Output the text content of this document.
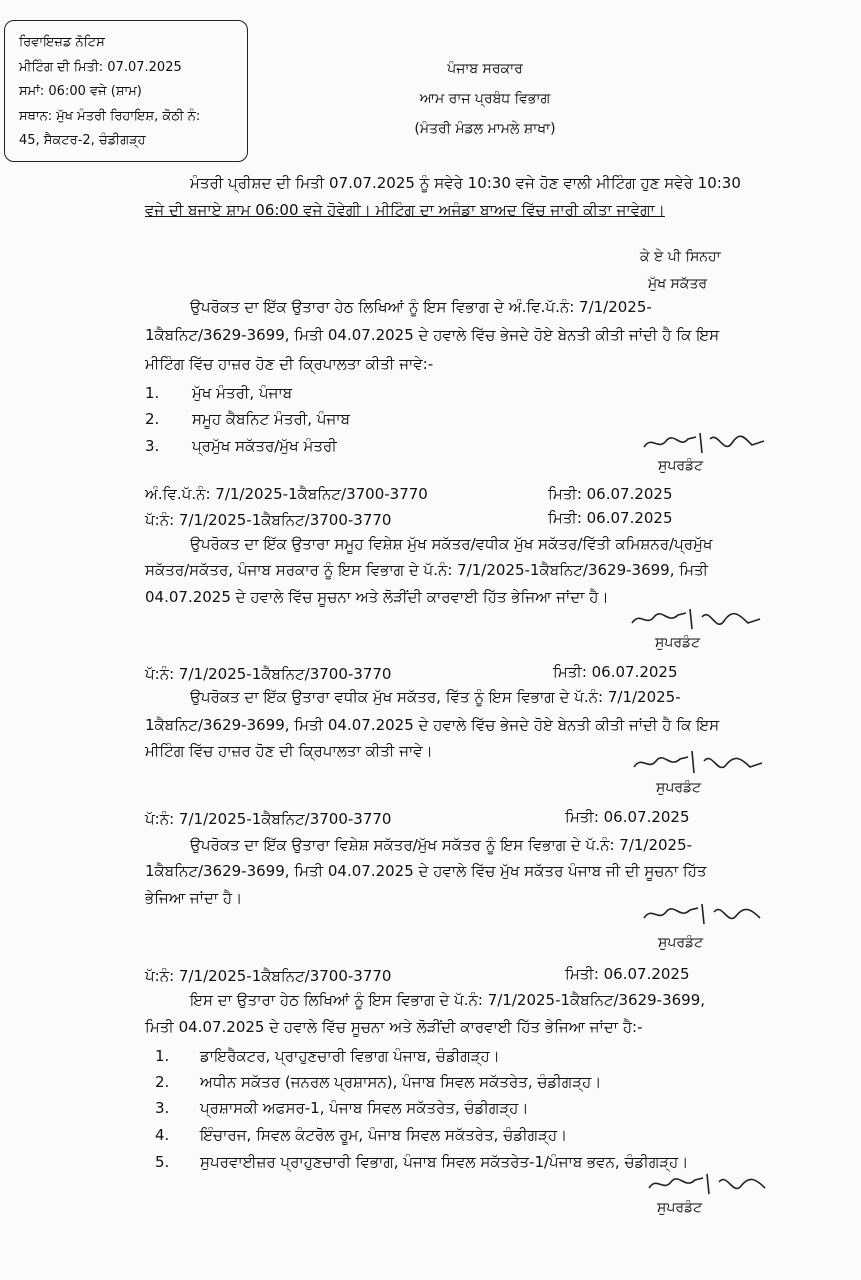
ਰਿਵਾਇਜ਼ਡ ਨੋਟਿਸ
ਮੀਟਿੰਗ ਦੀ ਮਿਤੀ: 07.07.2025
ਸਮਾਂ: 06:00 ਵਜੇ (ਸ਼ਾਮ)
ਸਥਾਨ: ਮੁੱਖ ਮੰਤਰੀ ਰਿਹਾਇਸ਼, ਕੋਠੀ ਨੰ:
45, ਸੈਕਟਰ-2, ਚੰਡੀਗੜ੍ਹ
ਪੰਜਾਬ ਸਰਕਾਰ
ਆਮ ਰਾਜ ਪ੍ਰਬੰਧ ਵਿਭਾਗ
(ਮੰਤਰੀ ਮੰਡਲ ਮਾਮਲੇ ਸ਼ਾਖਾ)
ਮੰਤਰੀ ਪ੍ਰੀਸ਼ਦ ਦੀ ਮਿਤੀ 07.07.2025 ਨੂੰ ਸਵੇਰੇ 10:30 ਵਜੇ ਹੋਣ ਵਾਲੀ ਮੀਟਿੰਗ ਹੁਣ ਸਵੇਰੇ 10:30
ਵਜੇ ਦੀ ਬਜਾਏ ਸ਼ਾਮ 06:00 ਵਜੇ ਹੋਵੇਗੀ। ਮੀਟਿੰਗ ਦਾ ਅਜੰਡਾ ਬਾਅਦ ਵਿੱਚ ਜਾਰੀ ਕੀਤਾ ਜਾਵੇਗਾ।
ਕੇ ਏ ਪੀ ਸਿਨਹਾ
ਮੁੱਖ ਸਕੱਤਰ
ਉਪਰੋਕਤ ਦਾ ਇੱਕ ਉਤਾਰਾ ਹੇਠ ਲਿਖਿਆਂ ਨੂੰ ਇਸ ਵਿਭਾਗ ਦੇ ਅੰ.ਵਿ.ਪੱ.ਨੰ: 7/1/2025-
1ਕੈਬਨਿਟ/3629-3699, ਮਿਤੀ 04.07.2025 ਦੇ ਹਵਾਲੇ ਵਿੱਚ ਭੇਜਦੇ ਹੋਏ ਬੇਨਤੀ ਕੀਤੀ ਜਾਂਦੀ ਹੈ ਕਿ ਇਸ
ਮੀਟਿੰਗ ਵਿੱਚ ਹਾਜ਼ਰ ਹੋਣ ਦੀ ਕ੍ਰਿਪਾਲਤਾ ਕੀਤੀ ਜਾਵੇ:-
1. ਮੁੱਖ ਮੰਤਰੀ, ਪੰਜਾਬ
2. ਸਮੂਹ ਕੈਬਨਿਟ ਮੰਤਰੀ, ਪੰਜਾਬ
3. ਪ੍ਰਮੁੱਖ ਸਕੱਤਰ/ਮੁੱਖ ਮੰਤਰੀ
ਸੁਪਰਡੰਟ
ਅੰ.ਵਿ.ਪੱ.ਨੰ: 7/1/2025-1ਕੈਬਨਿਟ/3700-3770	ਮਿਤੀ: 06.07.2025
ਪੱ:ਨੰ: 7/1/2025-1ਕੈਬਨਿਟ/3700-3770	ਮਿਤੀ: 06.07.2025
ਉਪਰੋਕਤ ਦਾ ਇੱਕ ਉਤਾਰਾ ਸਮੂਹ ਵਿਸ਼ੇਸ਼ ਮੁੱਖ ਸਕੱਤਰ/ਵਧੀਕ ਮੁੱਖ ਸਕੱਤਰ/ਵਿੱਤੀ ਕਮਿਸ਼ਨਰ/ਪ੍ਰਮੁੱਖ
ਸਕੱਤਰ/ਸਕੱਤਰ, ਪੰਜਾਬ ਸਰਕਾਰ ਨੂੰ ਇਸ ਵਿਭਾਗ ਦੇ ਪੱ.ਨੰ: 7/1/2025-1ਕੈਬਨਿਟ/3629-3699, ਮਿਤੀ
04.07.2025 ਦੇ ਹਵਾਲੇ ਵਿੱਚ ਸੂਚਨਾ ਅਤੇ ਲੋੜੀਂਦੀ ਕਾਰਵਾਈ ਹਿੱਤ ਭੇਜਿਆ ਜਾਂਦਾ ਹੈ।
ਸੁਪਰਡੰਟ
ਪੱ:ਨੰ: 7/1/2025-1ਕੈਬਨਿਟ/3700-3770	ਮਿਤੀ: 06.07.2025
ਉਪਰੋਕਤ ਦਾ ਇੱਕ ਉਤਾਰਾ ਵਧੀਕ ਮੁੱਖ ਸਕੱਤਰ, ਵਿੱਤ ਨੂੰ ਇਸ ਵਿਭਾਗ ਦੇ ਪੱ.ਨੰ: 7/1/2025-
1ਕੈਬਨਿਟ/3629-3699, ਮਿਤੀ 04.07.2025 ਦੇ ਹਵਾਲੇ ਵਿੱਚ ਭੇਜਦੇ ਹੋਏ ਬੇਨਤੀ ਕੀਤੀ ਜਾਂਦੀ ਹੈ ਕਿ ਇਸ
ਮੀਟਿੰਗ ਵਿੱਚ ਹਾਜ਼ਰ ਹੋਣ ਦੀ ਕ੍ਰਿਪਾਲਤਾ ਕੀਤੀ ਜਾਵੇ।
ਸੁਪਰਡੰਟ
ਪੱ:ਨੰ: 7/1/2025-1ਕੈਬਨਿਟ/3700-3770	ਮਿਤੀ: 06.07.2025
ਉਪਰੋਕਤ ਦਾ ਇੱਕ ਉਤਾਰਾ ਵਿਸ਼ੇਸ਼ ਸਕੱਤਰ/ਮੁੱਖ ਸਕੱਤਰ ਨੂੰ ਇਸ ਵਿਭਾਗ ਦੇ ਪੱ.ਨੰ: 7/1/2025-
1ਕੈਬਨਿਟ/3629-3699, ਮਿਤੀ 04.07.2025 ਦੇ ਹਵਾਲੇ ਵਿੱਚ ਮੁੱਖ ਸਕੱਤਰ ਪੰਜਾਬ ਜੀ ਦੀ ਸੂਚਨਾ ਹਿੱਤ
ਭੇਜਿਆ ਜਾਂਦਾ ਹੈ।
ਸੁਪਰਡੰਟ
ਪੱ:ਨੰ: 7/1/2025-1ਕੈਬਨਿਟ/3700-3770	ਮਿਤੀ: 06.07.2025
ਇਸ ਦਾ ਉਤਾਰਾ ਹੇਠ ਲਿਖਿਆਂ ਨੂੰ ਇਸ ਵਿਭਾਗ ਦੇ ਪੱ.ਨੰ: 7/1/2025-1ਕੈਬਨਿਟ/3629-3699,
ਮਿਤੀ 04.07.2025 ਦੇ ਹਵਾਲੇ ਵਿੱਚ ਸੂਚਨਾ ਅਤੇ ਲੋੜੀਂਦੀ ਕਾਰਵਾਈ ਹਿੱਤ ਭੇਜਿਆ ਜਾਂਦਾ ਹੈ:-
1. ਡਾਇਰੈਕਟਰ, ਪ੍ਰਾਹੁਣਚਾਰੀ ਵਿਭਾਗ ਪੰਜਾਬ, ਚੰਡੀਗੜ੍ਹ।
2. ਅਧੀਨ ਸਕੱਤਰ (ਜਨਰਲ ਪ੍ਰਸ਼ਾਸਨ), ਪੰਜਾਬ ਸਿਵਲ ਸਕੱਤਰੇਤ, ਚੰਡੀਗੜ੍ਹ।
3. ਪ੍ਰਸ਼ਾਸਕੀ ਅਫਸਰ-1, ਪੰਜਾਬ ਸਿਵਲ ਸਕੱਤਰੇਤ, ਚੰਡੀਗੜ੍ਹ।
4. ਇੰਚਾਰਜ, ਸਿਵਲ ਕੰਟਰੋਲ ਰੂਮ, ਪੰਜਾਬ ਸਿਵਲ ਸਕੱਤਰੇਤ, ਚੰਡੀਗੜ੍ਹ।
5. ਸੁਪਰਵਾਈਜ਼ਰ ਪ੍ਰਾਹੁਣਚਾਰੀ ਵਿਭਾਗ, ਪੰਜਾਬ ਸਿਵਲ ਸਕੱਤਰੇਤ-1/ਪੰਜਾਬ ਭਵਨ, ਚੰਡੀਗੜ੍ਹ।
ਸੁਪਰਡੰਟ
